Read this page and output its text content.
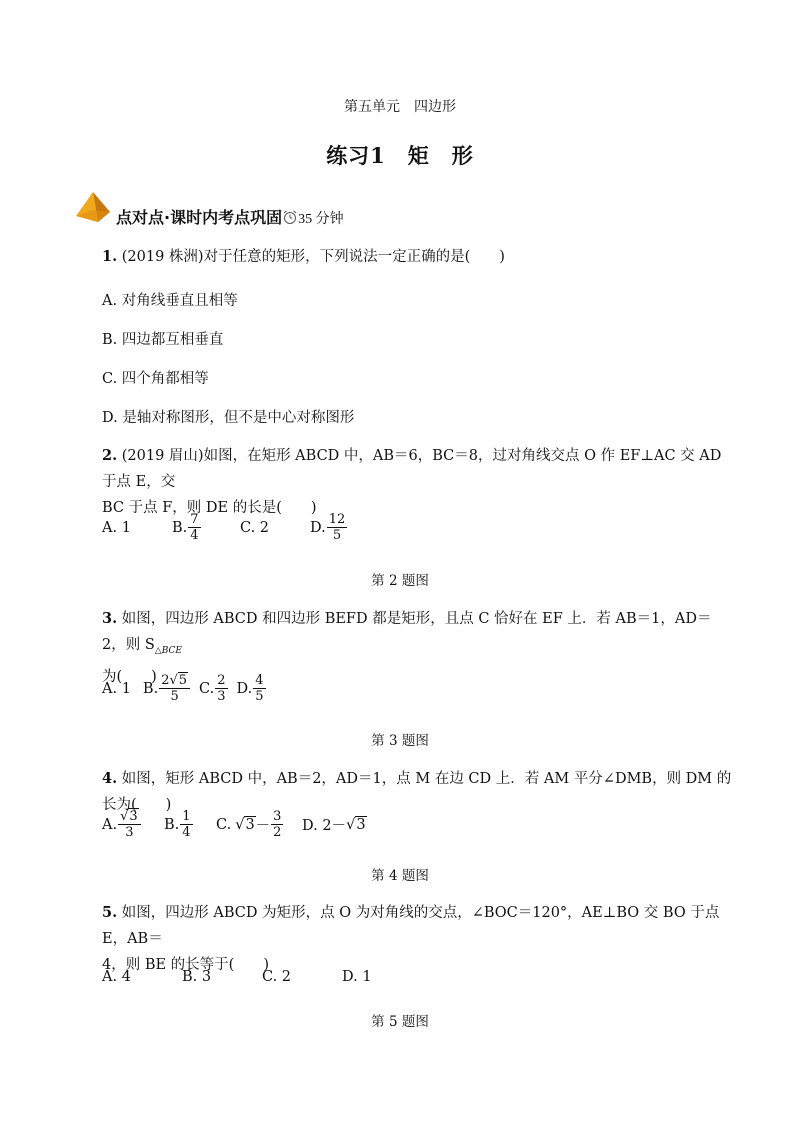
第五单元　四边形
练习1　矩　形
点对点·课时内考点巩固 35 分钟
1. (2019 株洲)对于任意的矩形，下列说法一定正确的是(　　)
A. 对角线垂直且相等
B. 四边都互相垂直
C. 四个角都相等
D. 是轴对称图形，但不是中心对称图形
2. (2019 眉山)如图，在矩形 ABCD 中，AB＝6，BC＝8，过对角线交点 O 作 EF⊥AC 交 AD 于点 E，交
BC 于点 F，则 DE 的长是(　　)
A. 1	B. $\frac{7}{4}$	C. 2	D. $\frac{12}{5}$
第 2 题图
3. 如图，四边形 ABCD 和四边形 BEFD 都是矩形，且点 C 恰好在 EF 上．若 AB＝1，AD＝2，则 $S_{\triangle BCE}$
为(　　)
A. 1 B. $\frac{2√5}{5} C$. $\frac{2}{3} D$. $\frac{4}{5}$
第 3 题图
4. 如图，矩形 ABCD 中，AB＝2，AD＝1，点 M 在边 CD 上．若 AM 平分∠DMB，则 DM 的长为(　　)
A. $\frac{√3}{3} B$. $\frac{1}{4} C$. $√3 - \frac{3}{2} D$. 2－ √3
第 4 题图
5. 如图，四边形 ABCD 为矩形，点 O 为对角线的交点，∠BOC＝120°，AE⊥BO 交 BO 于点 E，AB＝
4，则 BE 的长等于(　　)
A. 4	B. 3	C. 2	D. 1
第 5 题图
